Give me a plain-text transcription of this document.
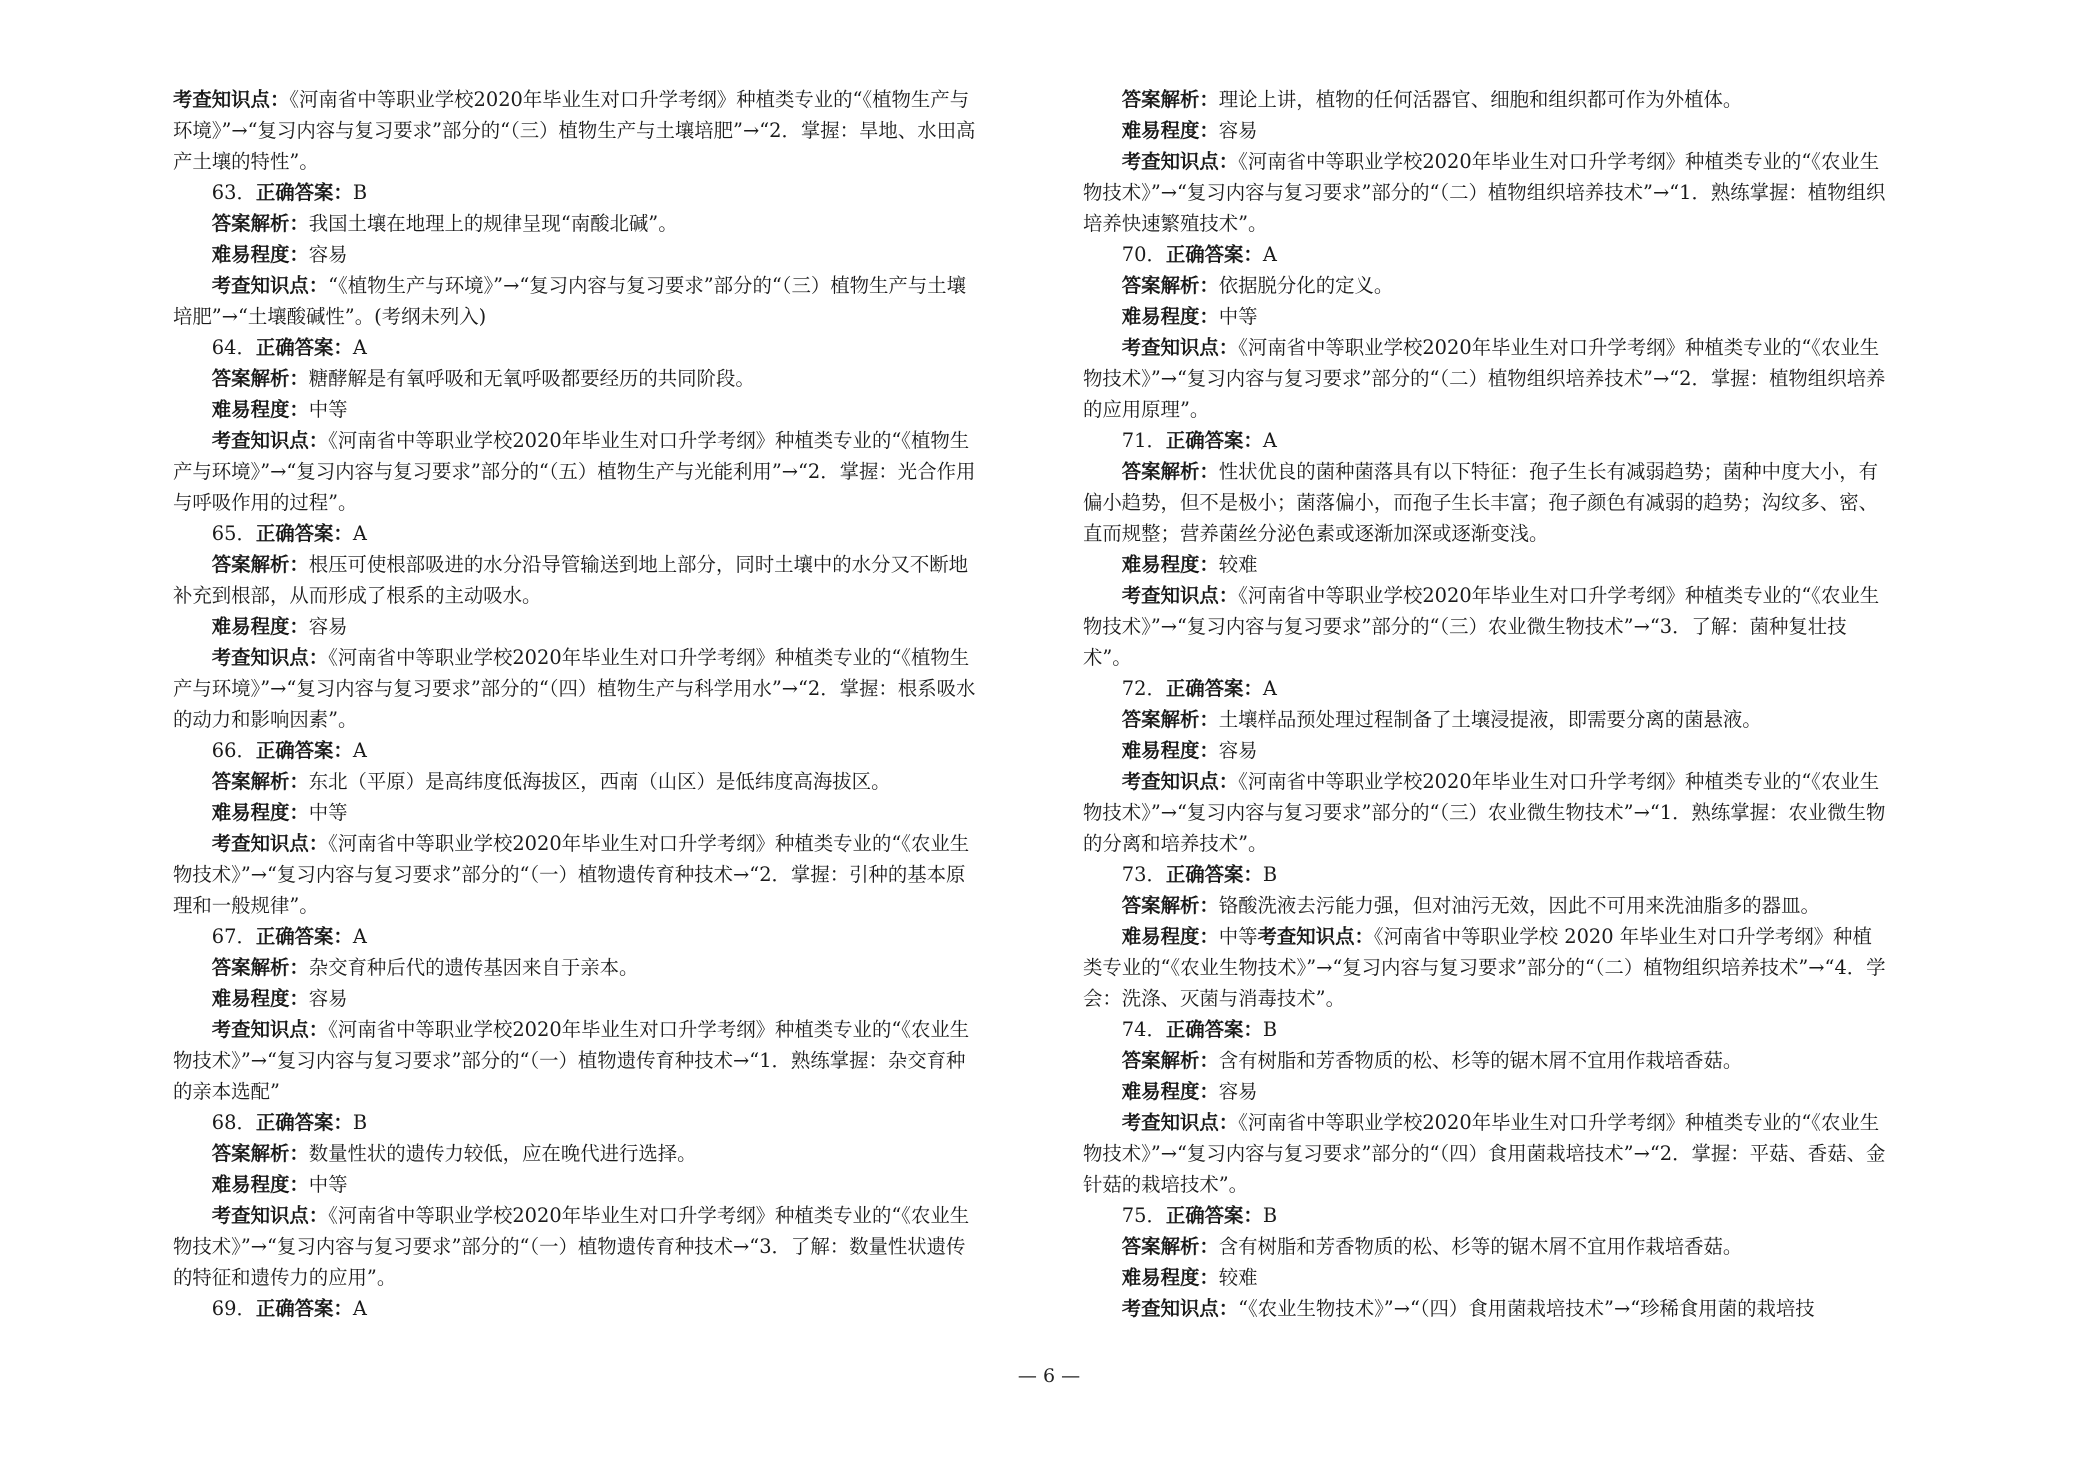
考查知识点：《河南省中等职业学校2020年毕业生对口升学考纲》种植类专业的“《植物生产与环境》”→“复习内容与复习要求”部分的“（三）植物生产与土壤培肥”→“2．掌握：旱地、水田高产土壤的特性”。

63．正确答案：B

答案解析：我国土壤在地理上的规律呈现“南酸北碱”。

难易程度：容易

考查知识点：“《植物生产与环境》”→“复习内容与复习要求”部分的“（三）植物生产与土壤培肥”→“土壤酸碱性”。(考纲未列入)

64．正确答案：A

答案解析：糖酵解是有氧呼吸和无氧呼吸都要经历的共同阶段。

难易程度：中等

考查知识点：《河南省中等职业学校2020年毕业生对口升学考纲》种植类专业的“《植物生产与环境》”→“复习内容与复习要求”部分的“（五）植物生产与光能利用”→“2．掌握：光合作用与呼吸作用的过程”。

65．正确答案：A

答案解析：根压可使根部吸进的水分沿导管输送到地上部分，同时土壤中的水分又不断地补充到根部，从而形成了根系的主动吸水。

难易程度：容易

考查知识点：《河南省中等职业学校2020年毕业生对口升学考纲》种植类专业的“《植物生产与环境》”→“复习内容与复习要求”部分的“（四）植物生产与科学用水”→“2．掌握：根系吸水的动力和影响因素”。

66．正确答案：A

答案解析：东北（平原）是高纬度低海拔区，西南（山区）是低纬度高海拔区。

难易程度：中等

考查知识点：《河南省中等职业学校2020年毕业生对口升学考纲》种植类专业的“《农业生物技术》”→“复习内容与复习要求”部分的“（一）植物遗传育种技术→“2．掌握：引种的基本原理和一般规律”。

67．正确答案：A

答案解析：杂交育种后代的遗传基因来自于亲本。

难易程度：容易

考查知识点：《河南省中等职业学校2020年毕业生对口升学考纲》种植类专业的“《农业生物技术》”→“复习内容与复习要求”部分的“（一）植物遗传育种技术→“1．熟练掌握：杂交育种的亲本选配”

68．正确答案：B

答案解析：数量性状的遗传力较低，应在晚代进行选择。

难易程度：中等

考查知识点：《河南省中等职业学校2020年毕业生对口升学考纲》种植类专业的“《农业生物技术》”→“复习内容与复习要求”部分的“（一）植物遗传育种技术→“3．了解：数量性状遗传的特征和遗传力的应用”。

69．正确答案：A

答案解析：理论上讲，植物的任何活器官、细胞和组织都可作为外植体。

难易程度：容易

考查知识点：《河南省中等职业学校2020年毕业生对口升学考纲》种植类专业的“《农业生物技术》”→“复习内容与复习要求”部分的“（二）植物组织培养技术”→“1．熟练掌握：植物组织培养快速繁殖技术”。

70．正确答案：A

答案解析：依据脱分化的定义。

难易程度：中等

考查知识点：《河南省中等职业学校2020年毕业生对口升学考纲》种植类专业的“《农业生物技术》”→“复习内容与复习要求”部分的“（二）植物组织培养技术”→“2．掌握：植物组织培养的应用原理”。

71．正确答案：A

答案解析：性状优良的菌种菌落具有以下特征：孢子生长有减弱趋势；菌种中度大小，有偏小趋势，但不是极小；菌落偏小，而孢子生长丰富；孢子颜色有减弱的趋势；沟纹多、密、直而规整；营养菌丝分泌色素或逐渐加深或逐渐变浅。

难易程度：较难

考查知识点：《河南省中等职业学校2020年毕业生对口升学考纲》种植类专业的“《农业生物技术》”→“复习内容与复习要求”部分的“（三）农业微生物技术”→“3．了解：菌种复壮技术”。

72．正确答案：A

答案解析：土壤样品预处理过程制备了土壤浸提液，即需要分离的菌悬液。

难易程度：容易

考查知识点：《河南省中等职业学校2020年毕业生对口升学考纲》种植类专业的“《农业生物技术》”→“复习内容与复习要求”部分的“（三）农业微生物技术”→“1．熟练掌握：农业微生物的分离和培养技术”。

73．正确答案：B

答案解析：铬酸洗液去污能力强，但对油污无效，因此不可用来洗油脂多的器皿。

难易程度：中等考查知识点：《河南省中等职业学校 2020 年毕业生对口升学考纲》种植类专业的“《农业生物技术》”→“复习内容与复习要求”部分的“（二）植物组织培养技术”→“4．学会：洗涤、灭菌与消毒技术”。

74．正确答案：B

答案解析：含有树脂和芳香物质的松、杉等的锯木屑不宜用作栽培香菇。

难易程度：容易

考查知识点：《河南省中等职业学校2020年毕业生对口升学考纲》种植类专业的“《农业生物技术》”→“复习内容与复习要求”部分的“（四）食用菌栽培技术”→“2．掌握：平菇、香菇、金针菇的栽培技术”。

75．正确答案：B

答案解析：含有树脂和芳香物质的松、杉等的锯木屑不宜用作栽培香菇。

难易程度：较难

考查知识点：“《农业生物技术》”→“（四）食用菌栽培技术”→“珍稀食用菌的栽培技

— 6 —
